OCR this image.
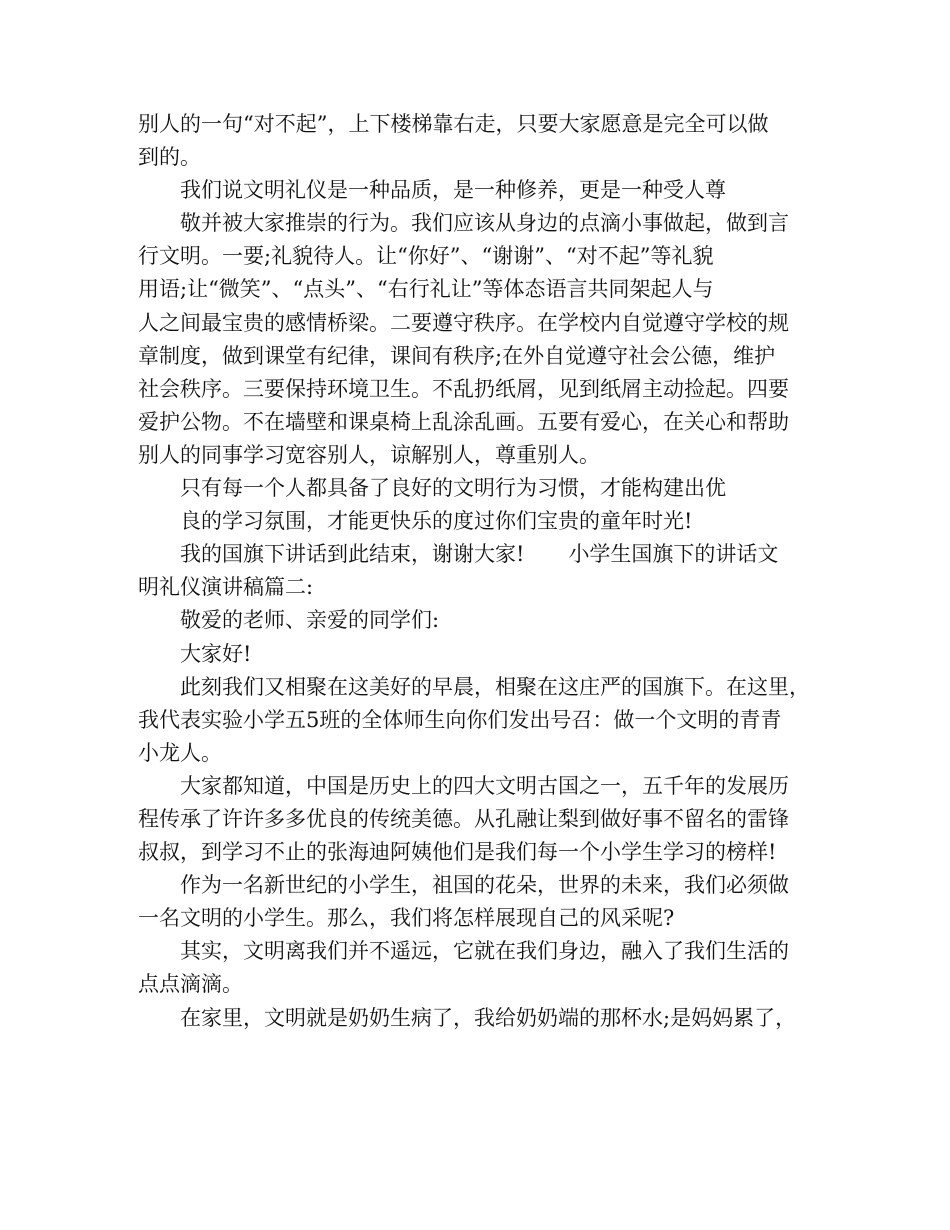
别人的一句“对不起”，上下楼梯靠右走，只要大家愿意是完全可以做
到的。
我们说文明礼仪是一种品质，是一种修养，更是一种受人尊
敬并被大家推崇的行为。我们应该从身边的点滴小事做起，做到言
行文明。一要;礼貌待人。让“你好”、“谢谢”、“对不起”等礼貌
用语;让“微笑”、“点头”、“右行礼让”等体态语言共同架起人与
人之间最宝贵的感情桥梁。二要遵守秩序。在学校内自觉遵守学校的规
章制度，做到课堂有纪律，课间有秩序;在外自觉遵守社会公德，维护
社会秩序。三要保持环境卫生。不乱扔纸屑，见到纸屑主动捡起。四要
爱护公物。不在墙壁和课桌椅上乱涂乱画。五要有爱心，在关心和帮助
别人的同事学习宽容别人，谅解别人，尊重别人。
只有每一个人都具备了良好的文明行为习惯，才能构建出优
良的学习氛围，才能更快乐的度过你们宝贵的童年时光!
我的国旗下讲话到此结束，谢谢大家! 小学生国旗下的讲话文
明礼仪演讲稿篇二:
敬爱的老师、亲爱的同学们:
大家好!
此刻我们又相聚在这美好的早晨，相聚在这庄严的国旗下。在这里，
我代表实验小学五5班的全体师生向你们发出号召：做一个文明的青青
小龙人。
大家都知道，中国是历史上的四大文明古国之一，五千年的发展历
程传承了许许多多优良的传统美德。从孔融让梨到做好事不留名的雷锋
叔叔，到学习不止的张海迪阿姨他们是我们每一个小学生学习的榜样!
作为一名新世纪的小学生，祖国的花朵，世界的未来，我们必须做
一名文明的小学生。那么，我们将怎样展现自己的风采呢?
其实，文明离我们并不遥远，它就在我们身边，融入了我们生活的
点点滴滴。
在家里，文明就是奶奶生病了，我给奶奶端的那杯水;是妈妈累了，
